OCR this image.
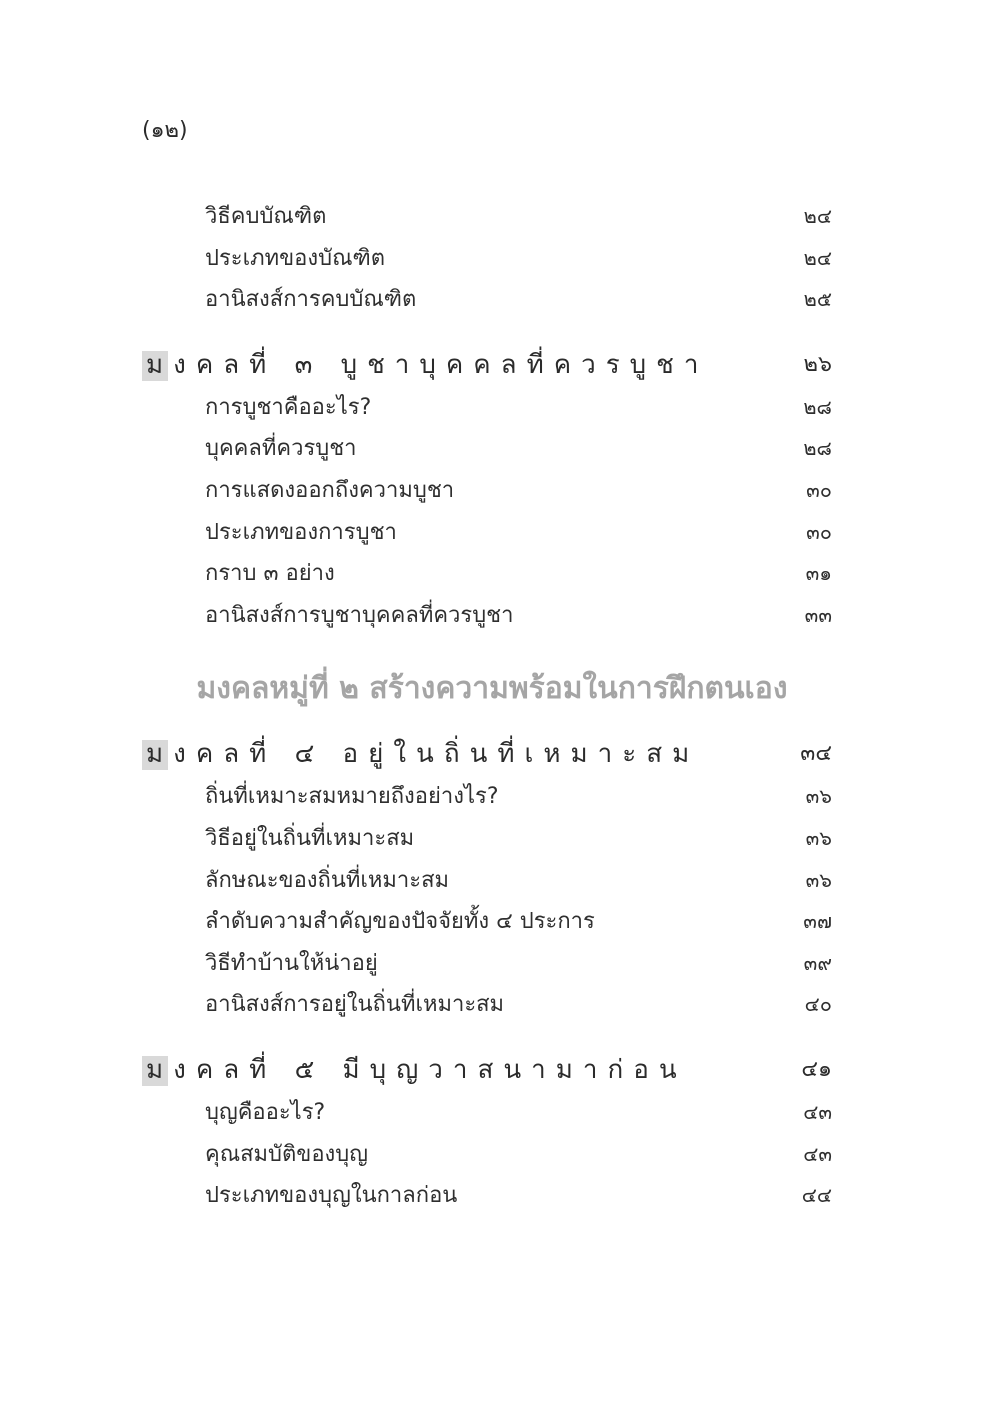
(๑๒)
วิธีคบบัณฑิต	๒๔
ประเภทของบัณฑิต	๒๔
อานิสงส์การคบบัณฑิต	๒๕
มงคลที่ ๓ บูชาบุคคลที่ควรบูชา	๒๖
การบูชาคืออะไร?	๒๘
บุคคลที่ควรบูชา	๒๘
การแสดงออกถึงความบูชา	๓๐
ประเภทของการบูชา	๓๐
กราบ ๓ อย่าง	๓๑
อานิสงส์การบูชาบุคคลที่ควรบูชา	๓๓
มงคลหมู่ที่ ๒ สร้างความพร้อมในการฝึกตนเอง
มงคลที่ ๔ อยู่ในถิ่นที่เหมาะสม	๓๔
ถิ่นที่เหมาะสมหมายถึงอย่างไร?	๓๖
วิธีอยู่ในถิ่นที่เหมาะสม	๓๖
ลักษณะของถิ่นที่เหมาะสม	๓๖
ลำดับความสำคัญของปัจจัยทั้ง ๔ ประการ	๓๗
วิธีทำบ้านให้น่าอยู่	๓๙
อานิสงส์การอยู่ในถิ่นที่เหมาะสม	๔๐
มงคลที่ ๕ มีบุญวาสนามาก่อน	๔๑
บุญคืออะไร?	๔๓
คุณสมบัติของบุญ	๔๓
ประเภทของบุญในกาลก่อน	๔๔
